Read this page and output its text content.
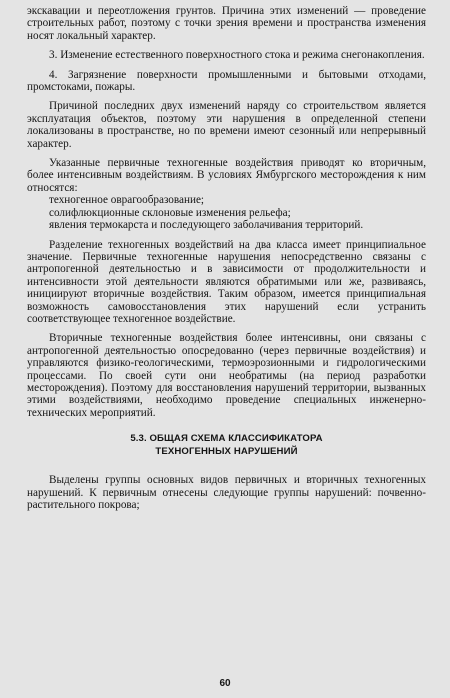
экскавации и переотложения грунтов. Причина этих изменений — проведение строительных работ, поэтому с точки зрения времени и пространства изменения носят локальный характер.

3. Изменение естественного поверхностного стока и режима снегонакопления.

4. Загрязнение поверхности промышленными и бытовыми отходами, промстоками, пожары.

Причиной последних двух изменений наряду со строительством является эксплуатация объектов, поэтому эти нарушения в определенной степени локализованы в пространстве, но по времени имеют сезонный или непрерывный характер.

Указанные первичные техногенные воздействия приводят ко вторичным, более интенсивным воздействиям. В условиях Ямбургского месторождения к ним относятся:

техногенное оврагообразование;

солифлюкционные склоновые изменения рельефа;

явления термокарста и последующего заболачивания территорий.

Разделение техногенных воздействий на два класса имеет принципиальное значение. Первичные техногенные нарушения непосредственно связаны с антропогенной деятельностью и в зависимости от продолжительности и интенсивности этой деятельности являются обратимыми или же, развиваясь, инициируют вторичные воздействия. Таким образом, имеется принципиальная возможность самовосстановления этих нарушений если устранить соответствующее техногенное воздействие.

Вторичные техногенные воздействия более интенсивны, они связаны с антропогенной деятельностью опосредованно (через первичные воздействия) и управляются физико-геологическими, термоэрозионными и гидрологическими процессами. По своей сути они необратимы (на период разработки месторождения). Поэтому для восстановления нарушений территории, вызванных этими воздействиями, необходимо проведение специальных инженерно-технических мероприятий.

5.3. ОБЩАЯ СХЕМА КЛАССИФИКАТОРА
ТЕХНОГЕННЫХ НАРУШЕНИЙ

Выделены группы основных видов первичных и вторичных техногенных нарушений. К первичным отнесены следующие группы нарушений: почвенно-растительного покрова;

60
